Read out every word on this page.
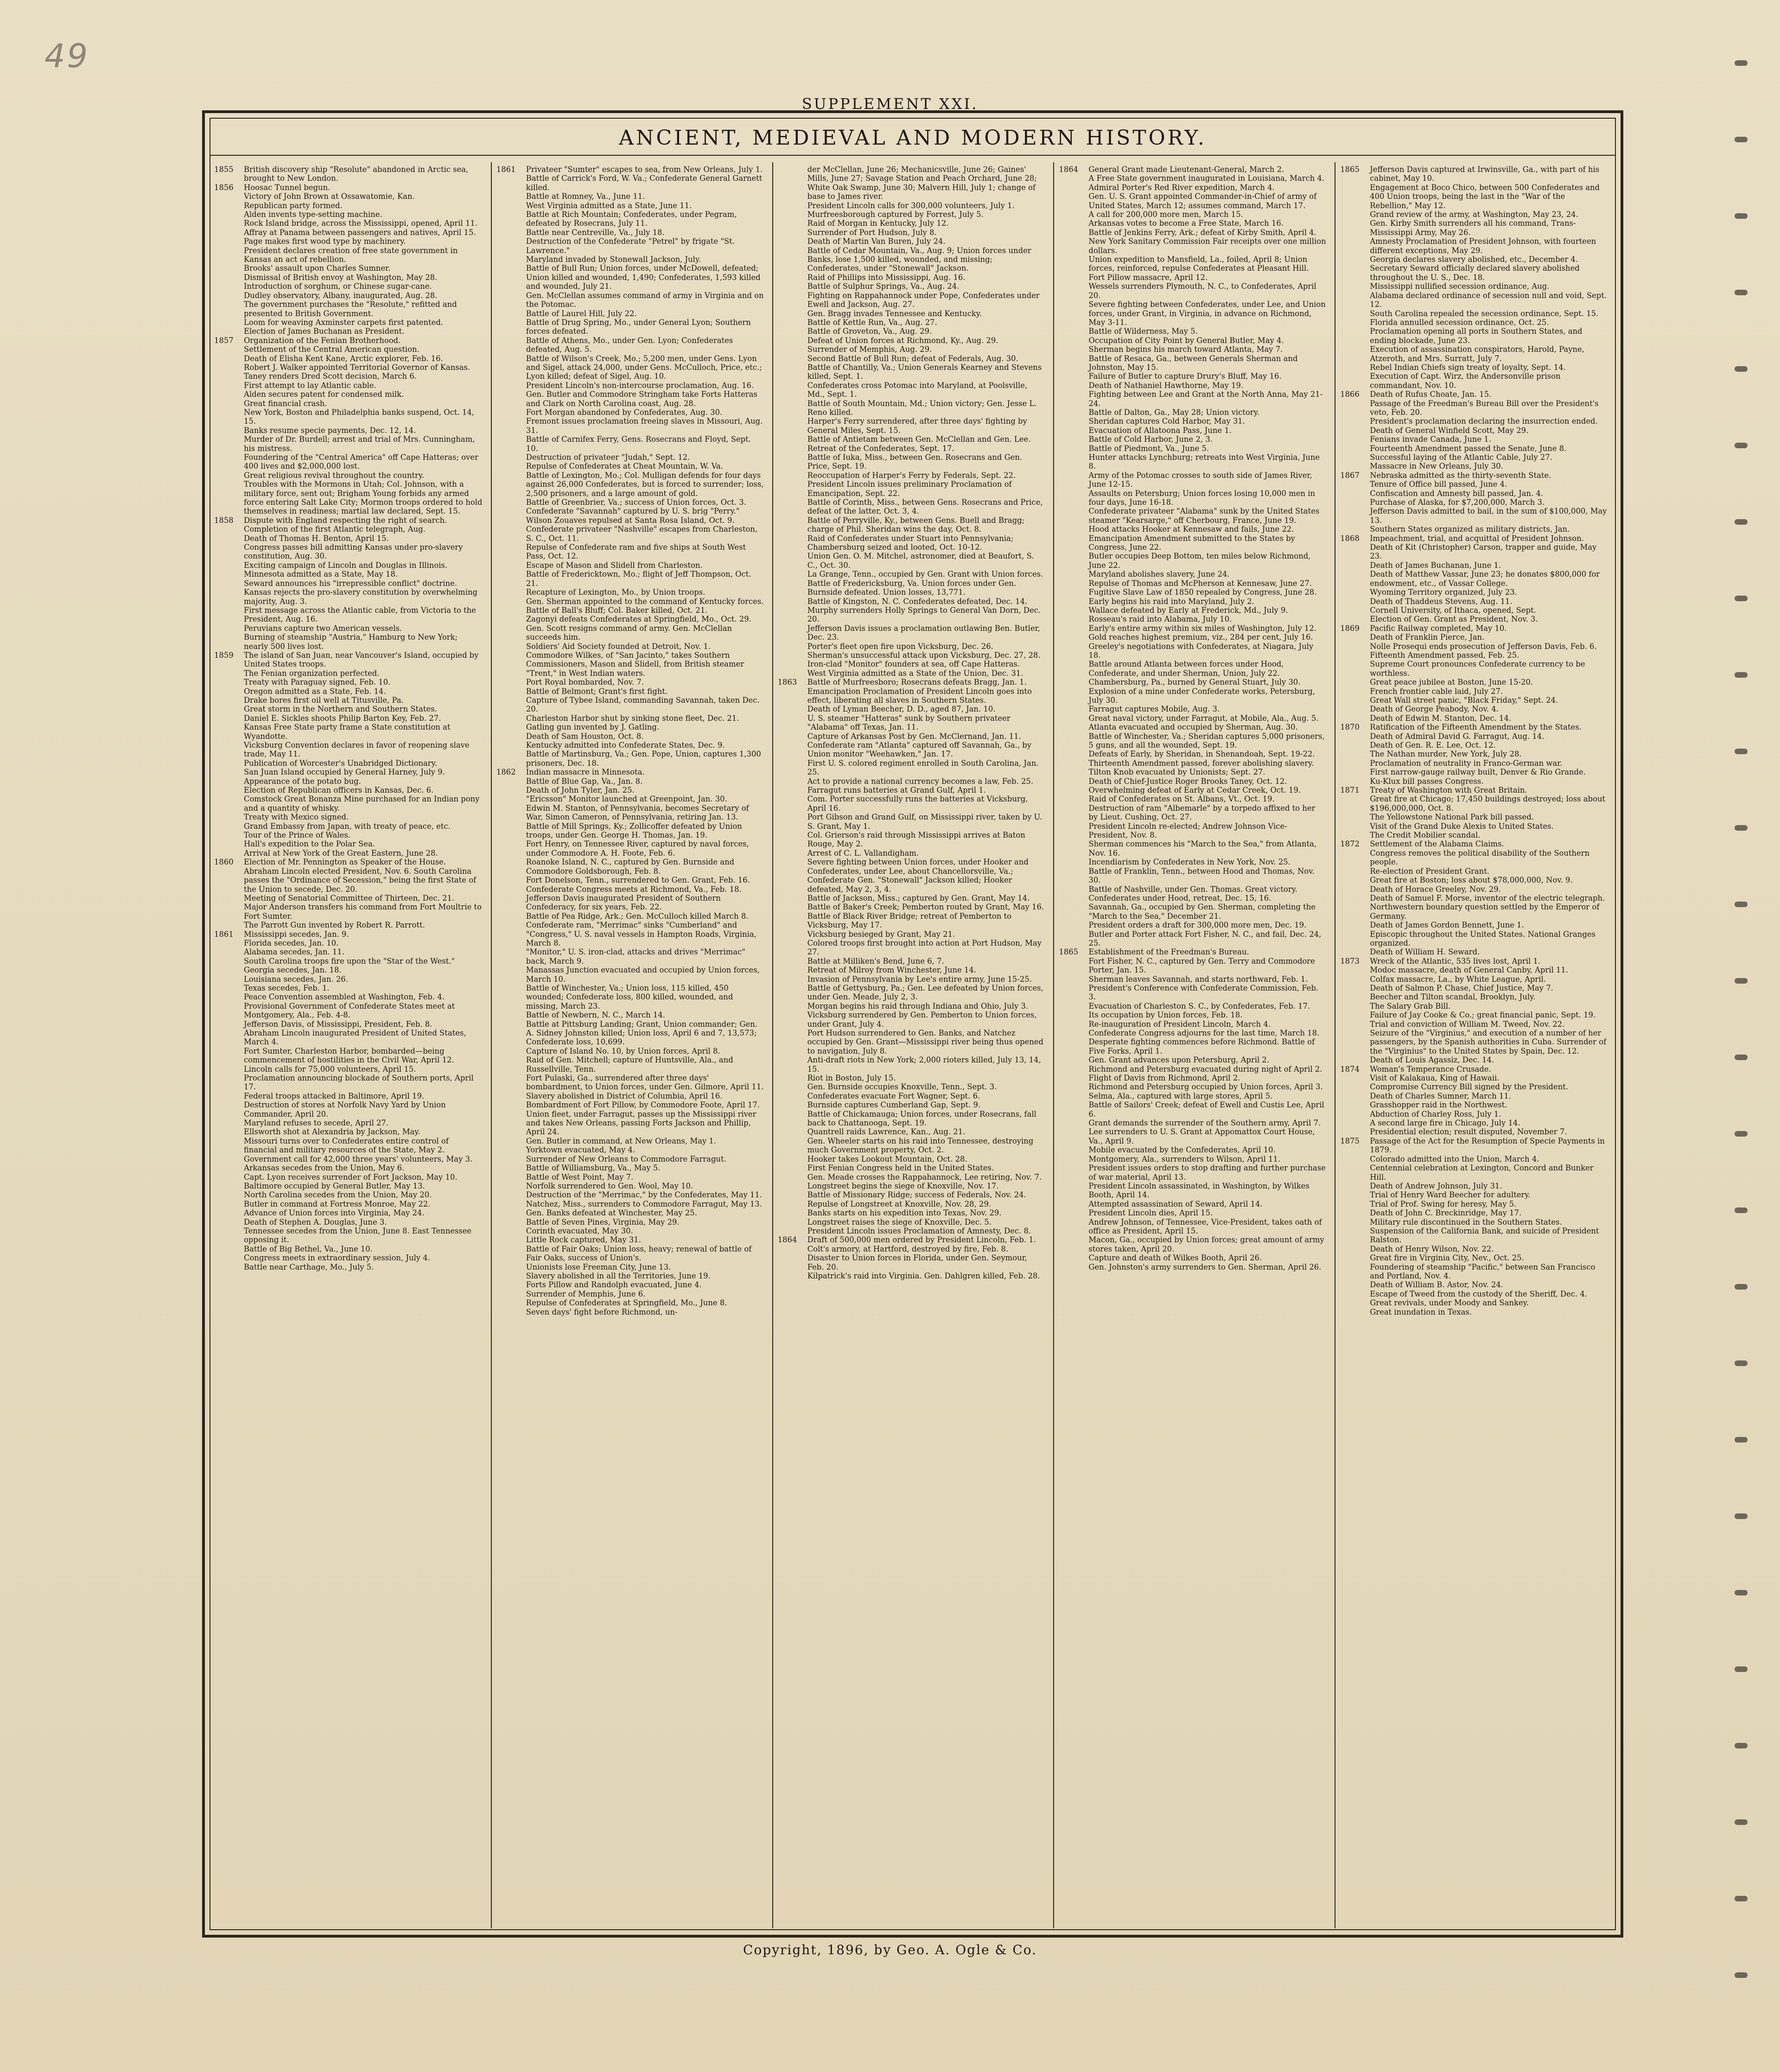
49
SUPPLEMENT XXI.
ANCIENT, MEDIEVAL AND MODERN HISTORY.
1855	British discovery ship "Resolute" abandoned in Arctic sea, brought to New London.
1856	Hoosac Tunnel begun.
Victory of John Brown at Ossawatomie, Kan.
Republican party formed.
Alden invents type-setting machine.
Rock Island bridge, across the Mississippi, opened, April 11.
Affray at Panama between passengers and natives, April 15.
Page makes first wood type by machinery.
President declares creation of free state government in Kansas an act of rebellion.
Brooks' assault upon Charles Sumner.
Dismissal of British envoy at Washington, May 28.
Introduction of sorghum, or Chinese sugar-cane.
Dudley observatory, Albany, inaugurated, Aug. 28.
The government purchases the "Resolute," refitted and presented to British Government.
Loom for weaving Axminster carpets first patented.
Election of James Buchanan as President.
1857	Organization of the Fenian Brotherhood.
Settlement of the Central American question.
Death of Elisha Kent Kane, Arctic explorer, Feb. 16.
Robert J. Walker appointed Territorial Governor of Kansas.
Taney renders Dred Scott decision, March 6.
First attempt to lay Atlantic cable.
Alden secures patent for condensed milk.
Great financial crash.
New York, Boston and Philadelphia banks suspend, Oct. 14, 15.
Banks resume specie payments, Dec. 12, 14.
Murder of Dr. Burdell; arrest and trial of Mrs. Cunningham, his mistress.
Foundering of the "Central America" off Cape Hatteras; over 400 lives and $2,000,000 lost.
Great religious revival throughout the country.
Troubles with the Mormons in Utah; Col. Johnson, with a military force, sent out; Brigham Young forbids any armed force entering Salt Lake City; Mormon troops ordered to hold themselves in readiness; martial law declared, Sept. 15.
1858	Dispute with England respecting the right of search.
Completion of the first Atlantic telegraph, Aug.
Death of Thomas H. Benton, April 15.
Congress passes bill admitting Kansas under pro-slavery constitution, Aug. 30.
Exciting campaign of Lincoln and Douglas in Illinois.
Minnesota admitted as a State, May 18.
Seward announces his "irrepressible conflict" doctrine.
Kansas rejects the pro-slavery constitution by overwhelming majority, Aug. 3.
First message across the Atlantic cable, from Victoria to the President, Aug. 16.
Peruvians capture two American vessels.
Burning of steamship "Austria," Hamburg to New York; nearly 500 lives lost.
1859	The island of San Juan, near Vancouver's Island, occupied by United States troops.
The Fenian organization perfected.
Treaty with Paraguay signed, Feb. 10.
Oregon admitted as a State, Feb. 14.
Drake bores first oil well at Titusville, Pa.
Great storm in the Northern and Southern States.
Daniel E. Sickles shoots Philip Barton Key, Feb. 27.
Kansas Free State party frame a State constitution at Wyandotte.
Vicksburg Convention declares in favor of reopening slave trade, May 11.
Publication of Worcester's Unabridged Dictionary.
San Juan Island occupied by General Harney, July 9.
Appearance of the potato bug.
Election of Republican officers in Kansas, Dec. 6.
Comstock Great Bonanza Mine purchased for an Indian pony and a quantity of whisky.
Treaty with Mexico signed.
Grand Embassy from Japan, with treaty of peace, etc.
Tour of the Prince of Wales.
Hall's expedition to the Polar Sea.
Arrival at New York of the Great Eastern, June 28.
1860	Election of Mr. Pennington as Speaker of the House.
Abraham Lincoln elected President, Nov. 6. South Carolina passes the "Ordinance of Secession," being the first State of the Union to secede, Dec. 20.
Meeting of Senatorial Committee of Thirteen, Dec. 21.
Major Anderson transfers his command from Fort Moultrie to Fort Sumter.
The Parrott Gun invented by Robert R. Parrott.
1861	Mississippi secedes, Jan. 9.
Florida secedes, Jan. 10.
Alabama secedes, Jan. 11.
South Carolina troops fire upon the "Star of the West."
Georgia secedes, Jan. 18.
Louisiana secedes, Jan. 26.
Texas secedes, Feb. 1.
Peace Convention assembled at Washington, Feb. 4.
Provisional Government of Confederate States meet at Montgomery, Ala., Feb. 4-8.
Jefferson Davis, of Mississippi, President, Feb. 8.
Abraham Lincoln inaugurated President of United States, March 4.
Fort Sumter, Charleston Harbor, bombarded—being commencement of hostilities in the Civil War, April 12.
Lincoln calls for 75,000 volunteers, April 15.
Proclamation announcing blockade of Southern ports, April 17.
Federal troops attacked in Baltimore, April 19.
Destruction of stores at Norfolk Navy Yard by Union Commander, April 20.
Maryland refuses to secede, April 27.
Ellsworth shot at Alexandria by Jackson, May.
Missouri turns over to Confederates entire control of financial and military resources of the State, May 2.
Government call for 42,000 three years' volunteers, May 3.
Arkansas secedes from the Union, May 6.
Capt. Lyon receives surrender of Fort Jackson, May 10.
Baltimore occupied by General Butler, May 13.
North Carolina secedes from the Union, May 20.
Butler in command at Fortress Monroe, May 22.
Advance of Union forces into Virginia, May 24.
Death of Stephen A. Douglas, June 3.
Tennessee secedes from the Union, June 8. East Tennessee opposing it.
Battle of Big Bethel, Va., June 10.
Congress meets in extraordinary session, July 4.
Battle near Carthage, Mo., July 5.
1861	Privateer "Sumter" escapes to sea, from New Orleans, July 1.
Battle of Carrick's Ford, W. Va.; Confederate General Garnett killed.
Battle at Romney, Va., June 11.
West Virginia admitted as a State, June 11.
Battle at Rich Mountain; Confederates, under Pegram, defeated by Rosecrans, July 11.
Battle near Centreville, Va., July 18.
Destruction of the Confederate "Petrel" by frigate "St. Lawrence."
Maryland invaded by Stonewall Jackson, July.
Battle of Bull Run; Union forces, under McDowell, defeated; Union killed and wounded, 1,490; Confederates, 1,593 killed and wounded, July 21.
Gen. McClellan assumes command of army in Virginia and on the Potomac.
Battle of Laurel Hill, July 22.
Battle of Drug Spring, Mo., under General Lyon; Southern forces defeated.
Battle of Athens, Mo., under Gen. Lyon; Confederates defeated, Aug. 5.
Battle of Wilson's Creek, Mo.; 5,200 men, under Gens. Lyon and Sigel, attack 24,000, under Gens. McCulloch, Price, etc.; Lyon killed; defeat of Sigel, Aug. 10.
President Lincoln's non-intercourse proclamation, Aug. 16.
Gen. Butler and Commodore Stringham take Forts Hatteras and Clark on North Carolina coast, Aug. 28.
Fort Morgan abandoned by Confederates, Aug. 30.
Fremont issues proclamation freeing slaves in Missouri, Aug. 31.
Battle of Carnifex Ferry, Gens. Rosecrans and Floyd, Sept. 10.
Destruction of privateer "Judah," Sept. 12.
Repulse of Confederates at Cheat Mountain, W. Va.
Battle of Lexington, Mo.; Col. Mulligan defends for four days against 26,000 Confederates, but is forced to surrender; loss, 2,500 prisoners, and a large amount of gold.
Battle of Greenbrier, Va.; success of Union forces, Oct. 3.
Confederate "Savannah" captured by U. S. brig "Perry."
Wilson Zouaves repulsed at Santa Rosa Island, Oct. 9.
Confederate privateer "Nashville" escapes from Charleston, S. C., Oct. 11.
Repulse of Confederate ram and five ships at South West Pass, Oct. 12.
Escape of Mason and Slidell from Charleston.
Battle of Fredericktown, Mo.; flight of Jeff Thompson, Oct. 21.
Recapture of Lexington, Mo., by Union troops.
Gen. Sherman appointed to the command of Kentucky forces.
Battle of Ball's Bluff; Col. Baker killed, Oct. 21.
Zagonyi defeats Confederates at Springfield, Mo., Oct. 29.
Gen. Scott resigns command of army. Gen. McClellan succeeds him.
Soldiers' Aid Society founded at Detroit, Nov. 1.
Commodore Wilkes, of "San Jacinto," takes Southern Commissioners, Mason and Slidell, from British steamer "Trent," in West Indian waters.
Port Royal bombarded, Nov. 7.
Battle of Belmont; Grant's first fight.
Capture of Tybee Island, commanding Savannah, taken Dec. 20.
Charleston Harbor shut by sinking stone fleet, Dec. 21.
Gatling gun invented by J. Gatling.
Death of Sam Houston, Oct. 8.
Kentucky admitted into Confederate States, Dec. 9.
Battle of Martinsburg, Va.; Gen. Pope, Union, captures 1,300 prisoners, Dec. 18.
1862	Indian massacre in Minnesota.
Battle of Blue Gap, Va., Jan. 8.
Death of John Tyler, Jan. 25.
"Ericsson" Monitor launched at Greenpoint, Jan. 30.
Edwin M. Stanton, of Pennsylvania, becomes Secretary of War, Simon Cameron, of Pennsylvania, retiring Jan. 13.
Battle of Mill Springs, Ky.; Zollicoffer defeated by Union troops, under Gen. George H. Thomas, Jan. 19.
Fort Henry, on Tennessee River, captured by naval forces, under Commodore A. H. Foote, Feb. 6.
Roanoke Island, N. C., captured by Gen. Burnside and Commodore Goldsborough, Feb. 8.
Fort Donelson, Tenn., surrendered to Gen. Grant, Feb. 16.
Confederate Congress meets at Richmond, Va., Feb. 18.
Jefferson Davis inaugurated President of Southern Confederacy, for six years, Feb. 22.
Battle of Pea Ridge, Ark.; Gen. McCulloch killed March 8.
Confederate ram, "Merrimac" sinks "Cumberland" and "Congress," U. S. naval vessels in Hampton Roads, Virginia, March 8.
"Monitor," U. S. iron-clad, attacks and drives "Merrimac" back, March 9.
Manassas Junction evacuated and occupied by Union forces, March 10.
Battle of Winchester, Va.; Union loss, 115 killed, 450 wounded; Confederate loss, 800 killed, wounded, and missing, March 23.
Battle of Newbern, N. C., March 14.
Battle at Pittsburg Landing; Grant, Union commander; Gen. A. Sidney Johnston killed; Union loss, April 6 and 7, 13,573; Confederate loss, 10,699.
Capture of Island No. 10, by Union forces, April 8.
Raid of Gen. Mitchell; capture of Huntsville, Ala., and Russellville, Tenn.
Fort Pulaski, Ga., surrendered after three days' bombardment, to Union forces, under Gen. Gilmore, April 11.
Slavery abolished in District of Columbia, April 16.
Bombardment of Fort Pillow, by Commodore Foote, April 17.
Union fleet, under Farragut, passes up the Mississippi river and takes New Orleans, passing Forts Jackson and Phillip, April 24.
Gen. Butler in command, at New Orleans, May 1.
Yorktown evacuated, May 4.
Surrender of New Orleans to Commodore Farragut.
Battle of Williamsburg, Va., May 5.
Battle of West Point, May 7.
Norfolk surrendered to Gen. Wool, May 10.
Destruction of the "Merrimac," by the Confederates, May 11.
Natchez, Miss., surrenders to Commodore Farragut, May 13.
Gen. Banks defeated at Winchester, May 25.
Battle of Seven Pines, Virginia, May 29.
Corinth evacuated, May 30.
Little Rock captured, May 31.
Battle of Fair Oaks; Union loss, heavy; renewal of battle of Fair Oaks, success of Union's.
Unionists lose Freeman City, June 13.
Slavery abolished in all the Territories, June 19.
Forts Pillow and Randolph evacuated, June 4.
Surrender of Memphis, June 6.
Repulse of Confederates at Springfield, Mo., June 8.
Seven days' fight before Richmond, un-
der McClellan, June 26; Mechanicsville, June 26; Gaines' Mills, June 27; Savage Station and Peach Orchard, June 28; White Oak Swamp, June 30; Malvern Hill, July 1; change of base to James river.
President Lincoln calls for 300,000 volunteers, July 1.
Murfreesborough captured by Forrest, July 5.
Raid of Morgan in Kentucky, July 12.
Surrender of Port Hudson, July 8.
Death of Martin Van Buren, July 24.
Battle of Cedar Mountain, Va., Aug. 9; Union forces under Banks, lose 1,500 killed, wounded, and missing; Confederates, under "Stonewall" Jackson.
Raid of Phillips into Mississippi, Aug. 16.
Battle of Sulphur Springs, Va., Aug. 24.
Fighting on Rappahannock under Pope, Confederates under Ewell and Jackson, Aug. 27.
Gen. Bragg invades Tennessee and Kentucky.
Battle of Kettle Run, Va., Aug. 27.
Battle of Groveton, Va., Aug. 29.
Defeat of Union forces at Richmond, Ky., Aug. 29.
Surrender of Memphis, Aug. 29.
Second Battle of Bull Run; defeat of Federals, Aug. 30.
Battle of Chantilly, Va.; Union Generals Kearney and Stevens killed, Sept. 1.
Confederates cross Potomac into Maryland, at Poolsville, Md., Sept. 1.
Battle of South Mountain, Md.; Union victory; Gen. Jesse L. Reno killed.
Harper's Ferry surrendered, after three days' fighting by General Miles, Sept. 15.
Battle of Antietam between Gen. McClellan and Gen. Lee. Retreat of the Confederates, Sept. 17.
Battle of Iuka, Miss., between Gen. Rosecrans and Gen. Price, Sept. 19.
Reoccupation of Harper's Ferry by Federals, Sept. 22.
President Lincoln issues preliminary Proclamation of Emancipation, Sept. 22.
Battle of Corinth, Miss., between Gens. Rosecrans and Price, defeat of the latter, Oct. 3, 4.
Battle of Perryville, Ky., between Gens. Buell and Bragg; charge of Phil. Sheridan wins the day, Oct. 8.
Raid of Confederates under Stuart into Pennsylvania; Chambersburg seized and looted, Oct. 10-12.
Union Gen. O. M. Mitchel, astronomer, died at Beaufort, S. C., Oct. 30.
La Grange, Tenn., occupied by Gen. Grant with Union forces.
Battle of Fredericksburg, Va. Union forces under Gen. Burnside defeated. Union losses, 13,771.
Battle of Kingston, N. C. Confederates defeated, Dec. 14.
Murphy surrenders Holly Springs to General Van Dorn, Dec. 20.
Jefferson Davis issues a proclamation outlawing Ben. Butler, Dec. 23.
Porter's fleet open fire upon Vicksburg, Dec. 26.
Sherman's unsuccessful attack upon Vicksburg, Dec. 27, 28.
Iron-clad "Monitor" founders at sea, off Cape Hatteras.
West Virginia admitted as a State of the Union, Dec. 31.
1863	Battle of Murfreesboro; Rosecrans defeats Bragg, Jan. 1.
Emancipation Proclamation of President Lincoln goes into effect, liberating all slaves in Southern States.
Death of Lyman Beecher, D. D., aged 87, Jan. 10.
U. S. steamer "Hatteras" sunk by Southern privateer "Alabama" off Texas, Jan. 11.
Capture of Arkansas Post by Gen. McClernand, Jan. 11.
Confederate ram "Atlanta" captured off Savannah, Ga., by Union monitor "Weehawken," Jan. 17.
First U. S. colored regiment enrolled in South Carolina, Jan. 25.
Act to provide a national currency becomes a law, Feb. 25.
Farragut runs batteries at Grand Gulf, April 1.
Com. Porter successfully runs the batteries at Vicksburg, April 16.
Port Gibson and Grand Gulf, on Mississippi river, taken by U. S. Grant, May 1.
Col. Grierson's raid through Mississippi arrives at Baton Rouge, May 2.
Arrest of C. L. Vallandigham.
Severe fighting between Union forces, under Hooker and Confederates, under Lee, about Chancellorsville, Va.; Confederate Gen. "Stonewall" Jackson killed; Hooker defeated, May 2, 3, 4.
Battle of Jackson, Miss.; captured by Gen. Grant, May 14.
Battle of Baker's Creek; Pemberton routed by Grant, May 16.
Battle of Black River Bridge; retreat of Pemberton to Vicksburg, May 17.
Vicksburg besieged by Grant, May 21.
Colored troops first brought into action at Port Hudson, May 27.
Battle at Milliken's Bend, June 6, 7.
Retreat of Milroy from Winchester, June 14.
Invasion of Pennsylvania by Lee's entire army, June 15-25.
Battle of Gettysburg, Pa.; Gen. Lee defeated by Union forces, under Gen. Meade, July 2, 3.
Morgan begins his raid through Indiana and Ohio, July 3.
Vicksburg surrendered by Gen. Pemberton to Union forces, under Grant, July 4.
Port Hudson surrendered to Gen. Banks, and Natchez occupied by Gen. Grant—Mississippi river being thus opened to navigation, July 8.
Anti-draft riots in New York; 2,000 rioters killed, July 13, 14, 15.
Riot in Boston, July 15.
Gen. Burnside occupies Knoxville, Tenn., Sept. 3.
Confederates evacuate Fort Wagner, Sept. 6.
Burnside captures Cumberland Gap, Sept. 9.
Battle of Chickamauga; Union forces, under Rosecrans, fall back to Chattanooga, Sept. 19.
Quantrell raids Lawrence, Kan., Aug. 21.
Gen. Wheeler starts on his raid into Tennessee, destroying much Government property, Oct. 2.
Hooker takes Lookout Mountain, Oct. 28.
First Fenian Congress held in the United States.
Gen. Meade crosses the Rappahannock, Lee retiring, Nov. 7.
Longstreet begins the siege of Knoxville, Nov. 17.
Battle of Missionary Ridge; success of Federals, Nov. 24.
Repulse of Longstreet at Knoxville, Nov. 28, 29.
Banks starts on his expedition into Texas, Nov. 29.
Longstreet raises the siege of Knoxville, Dec. 5.
President Lincoln issues Proclamation of Amnesty, Dec. 8.
1864	Draft of 500,000 men ordered by President Lincoln, Feb. 1.
Colt's armory, at Hartford, destroyed by fire, Feb. 8.
Disaster to Union forces in Florida, under Gen. Seymour, Feb. 20.
Kilpatrick's raid into Virginia. Gen. Dahlgren killed, Feb. 28.
1864	General Grant made Lieutenant-General, March 2.
A Free State government inaugurated in Louisiana, March 4.
Admiral Porter's Red River expedition, March 4.
Gen. U. S. Grant appointed Commander-in-Chief of army of United States, March 12; assumes command, March 17.
A call for 200,000 more men, March 15.
Arkansas votes to become a Free State, March 16.
Battle of Jenkins Ferry, Ark.; defeat of Kirby Smith, April 4.
New York Sanitary Commission Fair receipts over one million dollars.
Union expedition to Mansfield, La., foiled, April 8; Union forces, reinforced, repulse Confederates at Pleasant Hill.
Fort Pillow massacre, April 12.
Wessels surrenders Plymouth, N. C., to Confederates, April 20.
Severe fighting between Confederates, under Lee, and Union forces, under Grant, in Virginia, in advance on Richmond, May 3-11.
Battle of Wilderness, May 5.
Occupation of City Point by General Butler, May 4.
Sherman begins his march toward Atlanta, May 7.
Battle of Resaca, Ga., between Generals Sherman and Johnston, May 15.
Failure of Butler to capture Drury's Bluff, May 16.
Death of Nathaniel Hawthorne, May 19.
Fighting between Lee and Grant at the North Anna, May 21-24.
Battle of Dalton, Ga., May 28; Union victory.
Sheridan captures Cold Harbor, May 31.
Evacuation of Allatoona Pass, June 1.
Battle of Cold Harbor, June 2, 3.
Battle of Piedmont, Va., June 5.
Hunter attacks Lynchburg; retreats into West Virginia, June 8.
Army of the Potomac crosses to south side of James River, June 12-15.
Assaults on Petersburg; Union forces losing 10,000 men in four days, June 16-18.
Confederate privateer "Alabama" sunk by the United States steamer "Kearsarge," off Cherbourg, France, June 19.
Hood attacks Hooker at Kennesaw and fails, June 22.
Emancipation Amendment submitted to the States by Congress, June 22.
Butler occupies Deep Bottom, ten miles below Richmond, June 22.
Maryland abolishes slavery, June 24.
Repulse of Thomas and McPherson at Kennesaw, June 27.
Fugitive Slave Law of 1850 repealed by Congress, June 28.
Early begins his raid into Maryland, July 2.
Wallace defeated by Early at Frederick, Md., July 9.
Rosseau's raid into Alabama, July 10.
Early's entire army within six miles of Washington, July 12.
Gold reaches highest premium, viz., 284 per cent, July 16.
Greeley's negotiations with Confederates, at Niagara, July 18.
Battle around Atlanta between forces under Hood, Confederate, and under Sherman, Union, July 22.
Chambersburg, Pa., burned by General Stuart, July 30.
Explosion of a mine under Confederate works, Petersburg, July 30.
Farragut captures Mobile, Aug. 3.
Great naval victory, under Farragut, at Mobile, Ala., Aug. 5.
Atlanta evacuated and occupied by Sherman, Aug. 30.
Battle of Winchester, Va.; Sheridan captures 5,000 prisoners, 5 guns, and all the wounded, Sept. 19.
Defeats of Early, by Sheridan, in Shenandoah, Sept. 19-22.
Thirteenth Amendment passed, forever abolishing slavery.
Tilton Knob evacuated by Unionists; Sept. 27.
Death of Chief-Justice Roger Brooks Taney, Oct. 12.
Overwhelming defeat of Early at Cedar Creek, Oct. 19.
Raid of Confederates on St. Albans, Vt., Oct. 19.
Destruction of ram "Albemarle" by a torpedo affixed to her by Lieut. Cushing, Oct. 27.
President Lincoln re-elected; Andrew Johnson Vice-President, Nov. 8.
Sherman commences his "March to the Sea," from Atlanta, Nov. 16.
Incendiarism by Confederates in New York, Nov. 25.
Battle of Franklin, Tenn., between Hood and Thomas, Nov. 30.
Battle of Nashville, under Gen. Thomas. Great victory. Confederates under Hood, retreat, Dec. 15, 16.
Savannah, Ga., occupied by Gen. Sherman, completing the "March to the Sea," December 21.
President orders a draft for 300,000 more men, Dec. 19.
Butler and Porter attack Fort Fisher, N. C., and fail, Dec. 24, 25.
1865	Establishment of the Freedman's Bureau.
Fort Fisher, N. C., captured by Gen. Terry and Commodore Porter, Jan. 15.
Sherman leaves Savannah, and starts northward, Feb. 1.
President's Conference with Confederate Commission, Feb. 3.
Evacuation of Charleston S. C., by Confederates, Feb. 17.
Its occupation by Union forces, Feb. 18.
Re-inauguration of President Lincoln, March 4.
Confederate Congress adjourns for the last time, March 18.
Desperate fighting commences before Richmond. Battle of Five Forks, April 1.
Gen. Grant advances upon Petersburg, April 2.
Richmond and Petersburg evacuated during night of April 2.
Flight of Davis from Richmond, April 2.
Richmond and Petersburg occupied by Union forces, April 3.
Selma, Ala., captured with large stores, April 5.
Battle of Sailors' Creek; defeat of Ewell and Custis Lee, April 6.
Grant demands the surrender of the Southern army, April 7.
Lee surrenders to U. S. Grant at Appomattox Court House, Va., April 9.
Mobile evacuated by the Confederates, April 10.
Montgomery, Ala., surrenders to Wilson, April 11.
President issues orders to stop drafting and further purchase of war material, April 13.
President Lincoln assassinated, in Washington, by Wilkes Booth, April 14.
Attempted assassination of Seward, April 14.
President Lincoln dies, April 15.
Andrew Johnson, of Tennessee, Vice-President, takes oath of office as President, April 15.
Macon, Ga., occupied by Union forces; great amount of army stores taken, April 20.
Capture and death of Wilkes Booth, April 26.
Gen. Johnston's army surrenders to Gen. Sherman, April 26.
1865	Jefferson Davis captured at Irwinsville, Ga., with part of his cabinet, May 10.
Engagement at Boco Chico, between 500 Confederates and 400 Union troops, being the last in the "War of the Rebellion," May 12.
Grand review of the army, at Washington, May 23, 24.
Gen. Kirby Smith surrenders all his command, Trans-Mississippi Army, May 26.
Amnesty Proclamation of President Johnson, with fourteen different exceptions, May 29.
Georgia declares slavery abolished, etc., December 4.
Secretary Seward officially declared slavery abolished throughout the U. S., Dec. 18.
Mississippi nullified secession ordinance, Aug.
Alabama declared ordinance of secession null and void, Sept. 12.
South Carolina repealed the secession ordinance, Sept. 15.
Florida annulled secession ordinance, Oct. 25.
Proclamation opening all ports in Southern States, and ending blockade, June 23.
Execution of assassination conspirators, Harold, Payne, Atzeroth, and Mrs. Surratt, July 7.
Rebel Indian Chiefs sign treaty of loyalty, Sept. 14.
Execution of Capt. Wirz, the Andersonville prison commandant, Nov. 10.
1866	Death of Rufus Choate, Jan. 15.
Passage of the Freedman's Bureau Bill over the President's veto, Feb. 20.
President's proclamation declaring the insurrection ended.
Death of General Winfield Scott, May 29.
Fenians invade Canada, June 1.
Fourteenth Amendment passed the Senate, June 8.
Successful laying of the Atlantic Cable, July 27.
Massacre in New Orleans, July 30.
1867	Nebraska admitted as the thirty-seventh State.
Tenure of Office bill passed, June 4.
Confiscation and Amnesty bill passed, Jan. 4.
Purchase of Alaska, for $7,200,000, March 3.
Jefferson Davis admitted to bail, in the sum of $100,000, May 13.
Southern States organized as military districts, Jan.
1868	Impeachment, trial, and acquittal of President Johnson.
Death of Kit (Christopher) Carson, trapper and guide, May 23.
Death of James Buchanan, June 1.
Death of Matthew Vassar, June 23; he donates $800,000 for endowment, etc., of Vassar College.
Wyoming Territory organized, July 23.
Death of Thaddeus Stevens, Aug. 11.
Cornell University, of Ithaca, opened, Sept.
Election of Gen. Grant as President, Nov. 3.
1869	Pacific Railway completed, May 10.
Death of Franklin Pierce, Jan.
Nolle Prosequi ends prosecution of Jefferson Davis, Feb. 6.
Fifteenth Amendment passed, Feb. 25.
Supreme Court pronounces Confederate currency to be worthless.
Great peace jubilee at Boston, June 15-20.
French frontier cable laid, July 27.
Great Wall street panic, "Black Friday," Sept. 24.
Death of George Peabody, Nov. 4.
Death of Edwin M. Stanton, Dec. 14.
1870	Ratification of the Fifteenth Amendment by the States.
Death of Admiral David G. Farragut, Aug. 14.
Death of Gen. R. E. Lee, Oct. 12.
The Nathan murder, New York, July 28.
Proclamation of neutrality in Franco-German war.
First narrow-gauge railway built, Denver & Rio Grande.
Ku-Klux bill passes Congress.
1871	Treaty of Washington with Great Britain.
Great fire at Chicago; 17,450 buildings destroyed; loss about $196,000,000, Oct. 8.
The Yellowstone National Park bill passed.
Visit of the Grand Duke Alexis to United States.
The Credit Mobilier scandal.
1872	Settlement of the Alabama Claims.
Congress removes the political disability of the Southern people.
Re-election of President Grant.
Great fire at Boston; loss about $78,000,000, Nov. 9.
Death of Horace Greeley, Nov. 29.
Death of Samuel F. Morse, inventor of the electric telegraph.
Northwestern boundary question settled by the Emperor of Germany.
Death of James Gordon Bennett, June 1.
Episcopic throughout the United States. National Granges organized.
Death of William H. Seward.
1873	Wreck of the Atlantic, 535 lives lost, April 1.
Modoc massacre, death of General Canby, April 11.
Colfax massacre, La., by White League, April.
Death of Salmon P. Chase, Chief Justice, May 7.
Beecher and Tilton scandal, Brooklyn, July.
The Salary Grab Bill.
Failure of Jay Cooke & Co.; great financial panic, Sept. 19.
Trial and conviction of William M. Tweed, Nov. 22.
Seizure of the "Virginius," and execution of a number of her passengers, by the Spanish authorities in Cuba. Surrender of the "Virginius" to the United States by Spain, Dec. 12.
Death of Louis Agassiz, Dec. 14.
1874	Woman's Temperance Crusade.
Visit of Kalakaua, King of Hawaii.
Compromise Currency Bill signed by the President.
Death of Charles Sumner, March 11.
Grasshopper raid in the Northwest.
Abduction of Charley Ross, July 1.
A second large fire in Chicago, July 14.
Presidential election; result disputed, November 7.
1875	Passage of the Act for the Resumption of Specie Payments in 1879.
Colorado admitted into the Union, March 4.
Centennial celebration at Lexington, Concord and Bunker Hill.
Death of Andrew Johnson, July 31.
Trial of Henry Ward Beecher for adultery.
Trial of Prof. Swing for heresy, May 5.
Death of John C. Breckinridge, May 17.
Military rule discontinued in the Southern States.
Suspension of the California Bank, and suicide of President Ralston.
Death of Henry Wilson, Nov. 22.
Great fire in Virginia City, Nev., Oct. 25.
Foundering of steamship "Pacific," between San Francisco and Portland, Nov. 4.
Death of William B. Astor, Nov. 24.
Escape of Tweed from the custody of the Sheriff, Dec. 4.
Great revivals, under Moody and Sankey.
Great inundation in Texas.
Copyright, 1896, by Geo. A. Ogle & Co.
